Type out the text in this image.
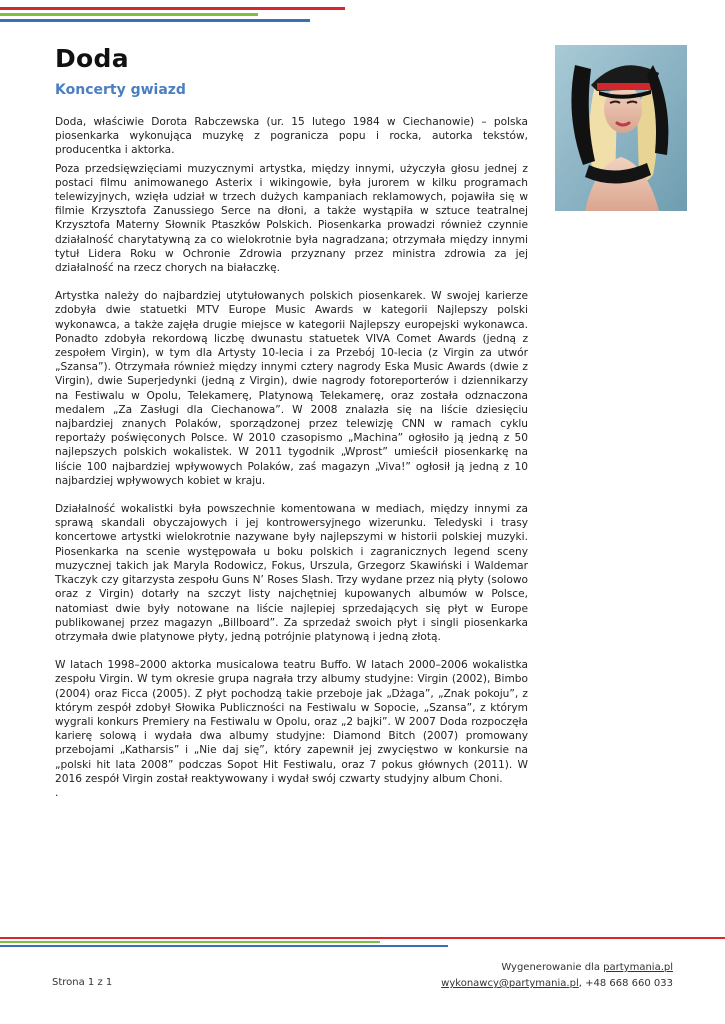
Doda
Koncerty gwiazd

Doda, właściwie Dorota Rabczewska (ur. 15 lutego 1984 w Ciechanowie) – polska piosenkarka wykonująca muzykę z pogranicza popu i rocka, autorka tekstów, producentka i aktorka.

Poza przedsięwzięciami muzycznymi artystka, między innymi, użyczyła głosu jednej z postaci filmu animowanego Asterix i wikingowie, była jurorem w kilku programach telewizyjnych, wzięła udział w trzech dużych kampaniach reklamowych, pojawiła się w filmie Krzysztofa Zanussiego Serce na dłoni, a także wystąpiła w sztuce teatralnej Krzysztofa Materny Słownik Ptaszków Polskich. Piosenkarka prowadzi również czynnie działalność charytatywną za co wielokrotnie była nagradzana; otrzymała między innymi tytuł Lidera Roku w Ochronie Zdrowia przyznany przez ministra zdrowia za jej działalność na rzecz chorych na białaczkę.

Artystka należy do najbardziej utytułowanych polskich piosenkarek. W swojej karierze zdobyła dwie statuetki MTV Europe Music Awards w kategorii Najlepszy polski wykonawca, a także zajęła drugie miejsce w kategorii Najlepszy europejski wykonawca. Ponadto zdobyła rekordową liczbę dwunastu statuetek VIVA Comet Awards (jedną z zespołem Virgin), w tym dla Artysty 10-lecia i za Przebój 10-lecia (z Virgin za utwór „Szansa”). Otrzymała również między innymi cztery nagrody Eska Music Awards (dwie z Virgin), dwie Superjedynki (jedną z Virgin), dwie nagrody fotoreporterów i dziennikarzy na Festiwalu w Opolu, Telekamerę, Platynową Telekamerę, oraz została odznaczona medalem „Za Zasługi dla Ciechanowa”. W 2008 znalazła się na liście dziesięciu najbardziej znanych Polaków, sporządzonej przez telewizję CNN w ramach cyklu reportaży poświęconych Polsce. W 2010 czasopismo „Machina” ogłosiło ją jedną z 50 najlepszych polskich wokalistek. W 2011 tygodnik „Wprost” umieścił piosenkarkę na liście 100 najbardziej wpływowych Polaków, zaś magazyn „Viva!” ogłosił ją jedną z 10 najbardziej wpływowych kobiet w kraju.

Działalność wokalistki była powszechnie komentowana w mediach, między innymi za sprawą skandali obyczajowych i jej kontrowersyjnego wizerunku. Teledyski i trasy koncertowe artystki wielokrotnie nazywane były najlepszymi w historii polskiej muzyki. Piosenkarka na scenie występowała u boku polskich i zagranicznych legend sceny muzycznej takich jak Maryla Rodowicz, Fokus, Urszula, Grzegorz Skawiński i Waldemar Tkaczyk czy gitarzysta zespołu Guns N’ Roses Slash. Trzy wydane przez nią płyty (solowo oraz z Virgin) dotarły na szczyt listy najchętniej kupowanych albumów w Polsce, natomiast dwie były notowane na liście najlepiej sprzedających się płyt w Europe publikowanej przez magazyn „Billboard”. Za sprzedaż swoich płyt i singli piosenkarka otrzymała dwie platynowe płyty, jedną potrójnie platynową i jedną złotą.

W latach 1998–2000 aktorka musicalowa teatru Buffo. W latach 2000–2006 wokalistka zespołu Virgin. W tym okresie grupa nagrała trzy albumy studyjne: Virgin (2002), Bimbo (2004) oraz Ficca (2005). Z płyt pochodzą takie przeboje jak „Dżaga”, „Znak pokoju”, z którym zespół zdobył Słowika Publiczności na Festiwalu w Sopocie, „Szansa”, z którym wygrali konkurs Premiery na Festiwalu w Opolu, oraz „2 bajki”. W 2007 Doda rozpoczęła karierę solową i wydała dwa albumy studyjne: Diamond Bitch (2007) promowany przebojami „Katharsis” i „Nie daj się”, który zapewnił jej zwycięstwo w konkursie na „polski hit lata 2008” podczas Sopot Hit Festiwalu, oraz 7 pokus głównych (2011). W 2016 zespół Virgin został reaktywowany i wydał swój czwarty studyjny album Choni.

.

Strona 1 z 1
Wygenerowanie dla partymania.pl
wykonawcy@partymania.pl, +48 668 660 033
